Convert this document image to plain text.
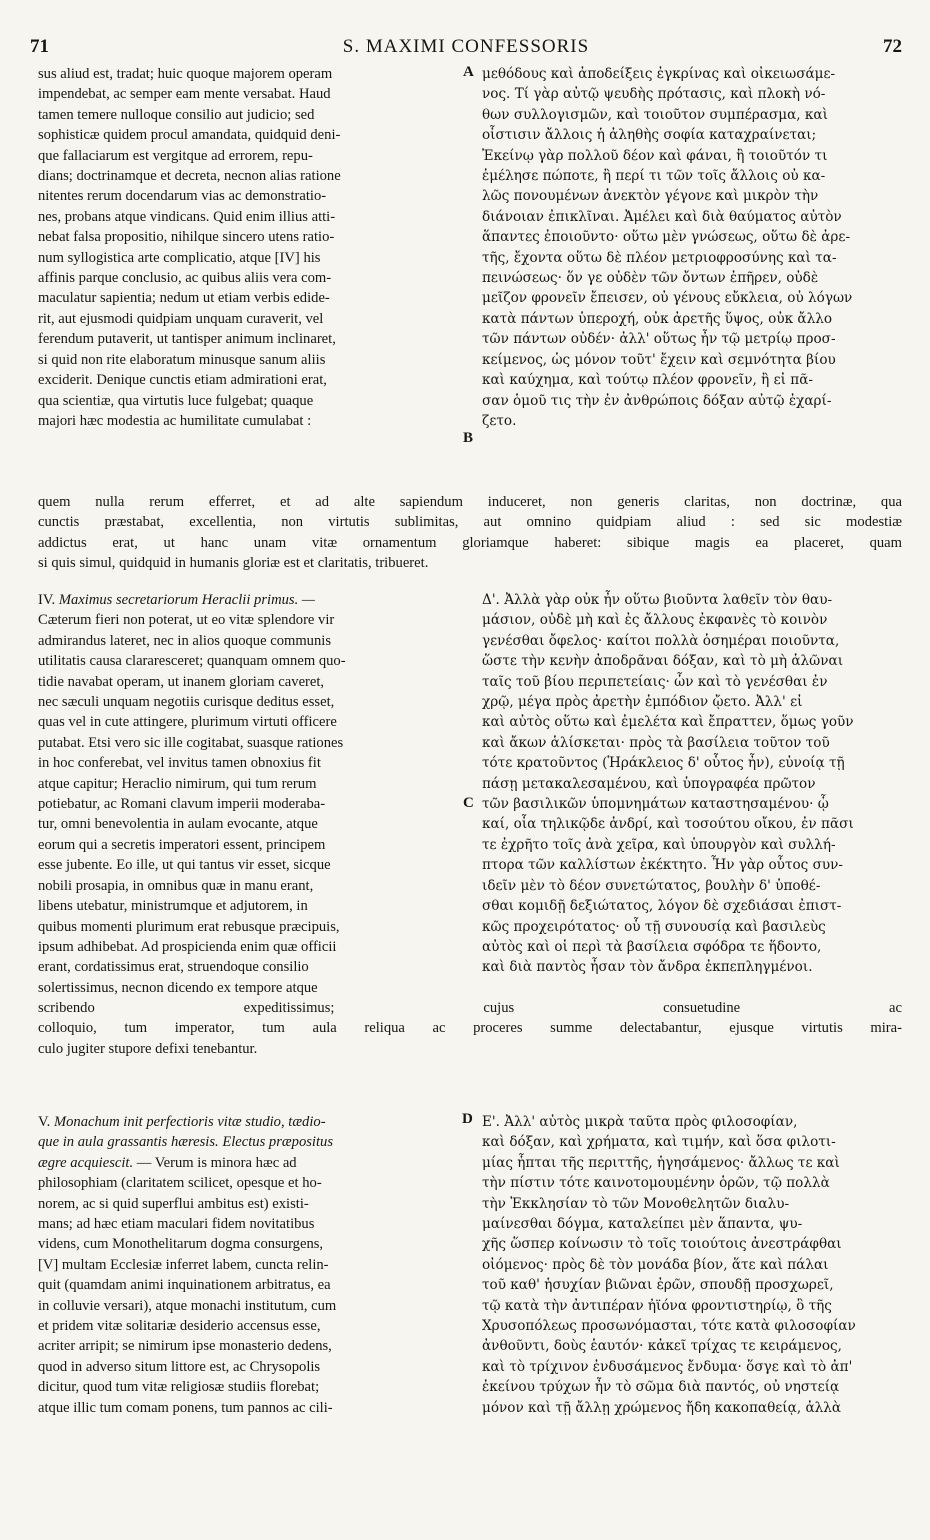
71	S. MAXIMI CONFESSORIS	72
A
B
C
D
sus aliud est, tradat; huic quoque majorem operam
impendebat, ac semper eam mente versabat. Haud
tamen temere nulloque consilio aut judicio; sed
sophisticæ quidem procul amandata, quidquid deni-
que fallaciarum est vergitque ad errorem, repu-
dians; doctrinamque et decreta, necnon alias ratione
nitentes rerum docendarum vias ac demonstratio-
nes, probans atque vindicans. Quid enim illius atti-
nebat falsa propositio, nihilque sincero utens ratio-
num syllogistica arte complicatio, atque [IV] his
affinis parque conclusio, ac quibus aliis vera com-
maculatur sapientia; nedum ut etiam verbis edide-
rit, aut ejusmodi quidpiam unquam curaverit, vel
ferendum putaverit, ut tantisper animum inclinaret,
si quid non rite elaboratum minusque sanum aliis
exciderit. Denique cunctis etiam admirationi erat,
qua scientiæ, qua virtutis luce fulgebat; quaque
majori hæc modestia ac humilitate cumulabat :
μεθόδους καὶ ἀποδείξεις ἐγκρίνας καὶ οἰκειωσάμε-
νος. Τί γὰρ αὐτῷ ψευδὴς πρότασις, καὶ πλοκὴ νό-
θων συλλογισμῶν, καὶ τοιοῦτον συμπέρασμα, καὶ
οἷστισιν ἄλλοις ἡ ἀληθὴς σοφία καταχραίνεται;
Ἐκείνῳ γὰρ πολλοῦ δέον καὶ φάναι, ἢ τοιοῦτόν τι
ἐμέλησε πώποτε, ἢ περί τι τῶν τοῖς ἄλλοις οὐ κα-
λῶς πονουμένων ἀνεκτὸν γέγονε καὶ μικρὸν τὴν
διάνοιαν ἐπικλῖναι. Ἀμέλει καὶ διὰ θαύματος αὐτὸν
ἅπαντες ἐποιοῦντο· οὕτω μὲν γνώσεως, οὕτω δὲ ἀρε-
τῆς, ἔχοντα οὕτω δὲ πλέον μετριοφροσύνης καὶ τα-
πεινώσεως· ὅν γε οὐδὲν τῶν ὄντων ἐπῆρεν, οὐδὲ
μεῖζον φρονεῖν ἔπεισεν, οὐ γένους εὔκλεια, οὐ λόγων
κατὰ πάντων ὑπεροχή, οὐκ ἀρετῆς ὕψος, οὐκ ἄλλο
τῶν πάντων οὐδέν· ἀλλ' οὕτως ἦν τῷ μετρίῳ προσ-
κείμενος, ὡς μόνον τοῦτ' ἔχειν καὶ σεμνότητα βίου
καὶ καύχημα, καὶ τούτῳ πλέον φρονεῖν, ἢ εἰ πᾶ-
σαν ὁμοῦ τις τὴν ἐν ἀνθρώποις δόξαν αὐτῷ ἐχαρί-
ζετο.
quem nulla rerum efferret, et ad alte sapiendum induceret, non generis claritas, non doctrinæ, qua
cunctis præstabat, excellentia, non virtutis sublimitas, aut omnino quidpiam aliud : sed sic modestiæ
addictus erat, ut hanc unam vitæ ornamentum gloriamque haberet: sibique magis ea placeret, quam
si quis simul, quidquid in humanis gloriæ est et claritatis, tribueret.
IV. Maximus secretariorum Heraclii primus. —
Cæterum fieri non poterat, ut eo vitæ splendore vir
admirandus lateret, nec in alios quoque communis
utilitatis causa clararesceret; quanquam omnem quo-
tidie navabat operam, ut inanem gloriam caveret,
nec sæculi unquam negotiis curisque deditus esset,
quas vel in cute attingere, plurimum virtuti officere
putabat. Etsi vero sic ille cogitabat, suasque rationes
in hoc conferebat, vel invitus tamen obnoxius fit
atque capitur; Heraclio nimirum, qui tum rerum
potiebatur, ac Romani clavum imperii moderaba-
tur, omni benevolentia in aulam evocante, atque
eorum qui a secretis imperatori essent, principem
esse jubente. Eo ille, ut qui tantus vir esset, sicque
nobili prosapia, in omnibus quæ in manu erant,
libens utebatur, ministrumque et adjutorem, in
quibus momenti plurimum erat rebusque præcipuis,
ipsum adhibebat. Ad prospicienda enim quæ officii
erant, cordatissimus erat, struendoque consilio
solertissimus, necnon dicendo ex tempore atque
Δ'. Ἀλλὰ γὰρ οὐκ ἦν οὕτω βιοῦντα λαθεῖν τὸν θαυ-
μάσιον, οὐδὲ μὴ καὶ ἐς ἄλλους ἐκφανὲς τὸ κοινὸν
γενέσθαι ὄφελος· καίτοι πολλὰ ὁσημέραι ποιοῦντα,
ὥστε τὴν κενὴν ἀποδρᾶναι δόξαν, καὶ τὸ μὴ ἁλῶναι
ταῖς τοῦ βίου περιπετείαις· ὧν καὶ τὸ γενέσθαι ἐν
χρῷ, μέγα πρὸς ἀρετὴν ἐμπόδιον ᾤετο. Ἀλλ' εἰ
καὶ αὐτὸς οὕτω καὶ ἐμελέτα καὶ ἔπραττεν, ὅμως γοῦν
καὶ ἄκων ἁλίσκεται· πρὸς τὰ βασίλεια τοῦτον τοῦ
τότε κρατοῦντος (Ἡράκλειος δ' οὗτος ἦν), εὐνοίᾳ τῇ
πάσῃ μετακαλεσαμένου, καὶ ὑπογραφέα πρῶτον
τῶν βασιλικῶν ὑπομνημάτων καταστησαμένου· ᾧ
καί, οἷα τηλικῷδε ἀνδρί, καὶ τοσούτου οἴκου, ἐν πᾶσι
τε ἐχρῆτο τοῖς ἀνὰ χεῖρα, καὶ ὑπουργὸν καὶ συλλή-
πτορα τῶν καλλίστων ἐκέκτητο. Ἦν γὰρ οὗτος συν-
ιδεῖν μὲν τὸ δέον συνετώτατος, βουλὴν δ' ὑποθέ-
σθαι κομιδῇ δεξιώτατος, λόγον δὲ σχεδιάσαι ἐπιστ-
κῶς προχειρότατος· οὗ τῇ συνουσίᾳ καὶ βασιλεὺς
αὐτὸς καὶ οἱ περὶ τὰ βασίλεια σφόδρα τε ἥδοντο,
καὶ διὰ παντὸς ἦσαν τὸν ἄνδρα ἐκπεπληγμένοι.
scribendo expeditissimus; cujus consuetudine ac
colloquio, tum imperator, tum aula reliqua ac proceres summe delectabantur, ejusque virtutis mira-
culo jugiter stupore defixi tenebantur.
V. Monachum init perfectioris vitæ studio, tædio-
que in aula grassantis hæresis. Electus præpositus
ægre acquiescit. — Verum is minora hæc ad
philosophiam (claritatem scilicet, opesque et ho-
norem, ac si quid superflui ambitus est) existi-
mans; ad hæc etiam maculari fidem novitatibus
videns, cum Monothelitarum dogma consurgens,
[V] multam Ecclesiæ inferret labem, cuncta relin-
quit (quamdam animi inquinationem arbitratus, ea
in colluvie versari), atque monachi institutum, cum
et pridem vitæ solitariæ desiderio accensus esse,
acriter arripit; se nimirum ipse monasterio dedens,
quod in adverso situm littore est, ac Chrysopolis
dicitur, quod tum vitæ religiosæ studiis florebat;
atque illic tum comam ponens, tum pannos ac cili-
Ε'. Ἀλλ' αὐτὸς μικρὰ ταῦτα πρὸς φιλοσοφίαν,
καὶ δόξαν, καὶ χρήματα, καὶ τιμήν, καὶ ὅσα φιλοτι-
μίας ἧπται τῆς περιττῆς, ἡγησάμενος· ἄλλως τε καὶ
τὴν πίστιν τότε καινοτομουμένην ὁρῶν, τῷ πολλὰ
τὴν Ἐκκλησίαν τὸ τῶν Μονοθελητῶν διαλυ-
μαίνεσθαι δόγμα, καταλείπει μὲν ἅπαντα, ψυ-
χῆς ὥσπερ κοίνωσιν τὸ τοῖς τοιούτοις ἀνεστράφθαι
οἰόμενος· πρὸς δὲ τὸν μονάδα βίον, ἅτε καὶ πάλαι
τοῦ καθ' ἡσυχίαν βιῶναι ἐρῶν, σπουδῇ προσχωρεῖ,
τῷ κατὰ τὴν ἀντιπέραν ἠϊόνα φροντιστηρίῳ, ὃ τῆς
Χρυσοπόλεως προσωνόμασται, τότε κατὰ φιλοσοφίαν
ἀνθοῦντι, δοὺς ἑαυτόν· κἀκεῖ τρίχας τε κειράμενος,
καὶ τὸ τρίχινον ἐνδυσάμενος ἔνδυμα· ὅσγε καὶ τὸ ἀπ'
ἐκείνου τρύχων ἦν τὸ σῶμα διὰ παντός, οὐ νηστείᾳ
μόνον καὶ τῇ ἄλλῃ χρώμενος ἤδη κακοπαθείᾳ, ἀλλὰ
